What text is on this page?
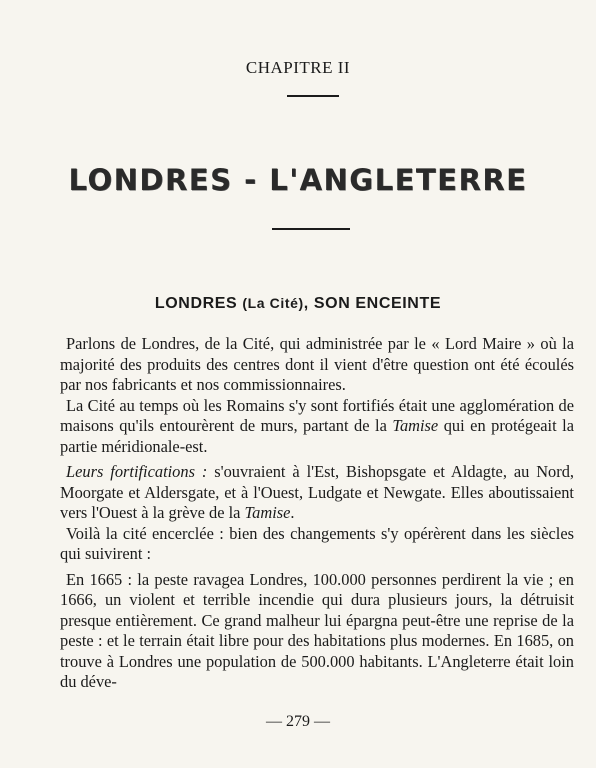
CHAPITRE II
LONDRES - L'ANGLETERRE
LONDRES (La Cité), SON ENCEINTE

Parlons de Londres, de la Cité, qui administrée par le « Lord Maire » où la majorité des produits des centres dont il vient d'être question ont été écoulés par nos fabricants et nos commissionnaires.

La Cité au temps où les Romains s'y sont fortifiés était une agglomération de maisons qu'ils entourèrent de murs, partant de la Tamise qui en protégeait la partie méridionale-est.

Leurs fortifications : s'ouvraient à l'Est, Bishopsgate et Aldagte, au Nord, Moorgate et Aldersgate, et à l'Ouest, Ludgate et Newgate. Elles aboutissaient vers l'Ouest à la grève de la Tamise.

Voilà la cité encerclée : bien des changements s'y opérèrent dans les siècles qui suivirent :

En 1665 : la peste ravagea Londres, 100.000 personnes perdirent la vie ; en 1666, un violent et terrible incendie qui dura plusieurs jours, la détruisit presque entièrement. Ce grand malheur lui épargna peut-être une reprise de la peste : et le terrain était libre pour des habitations plus modernes. En 1685, on trouve à Londres une population de 500.000 habitants. L'Angleterre était loin du déve-

— 279 —
